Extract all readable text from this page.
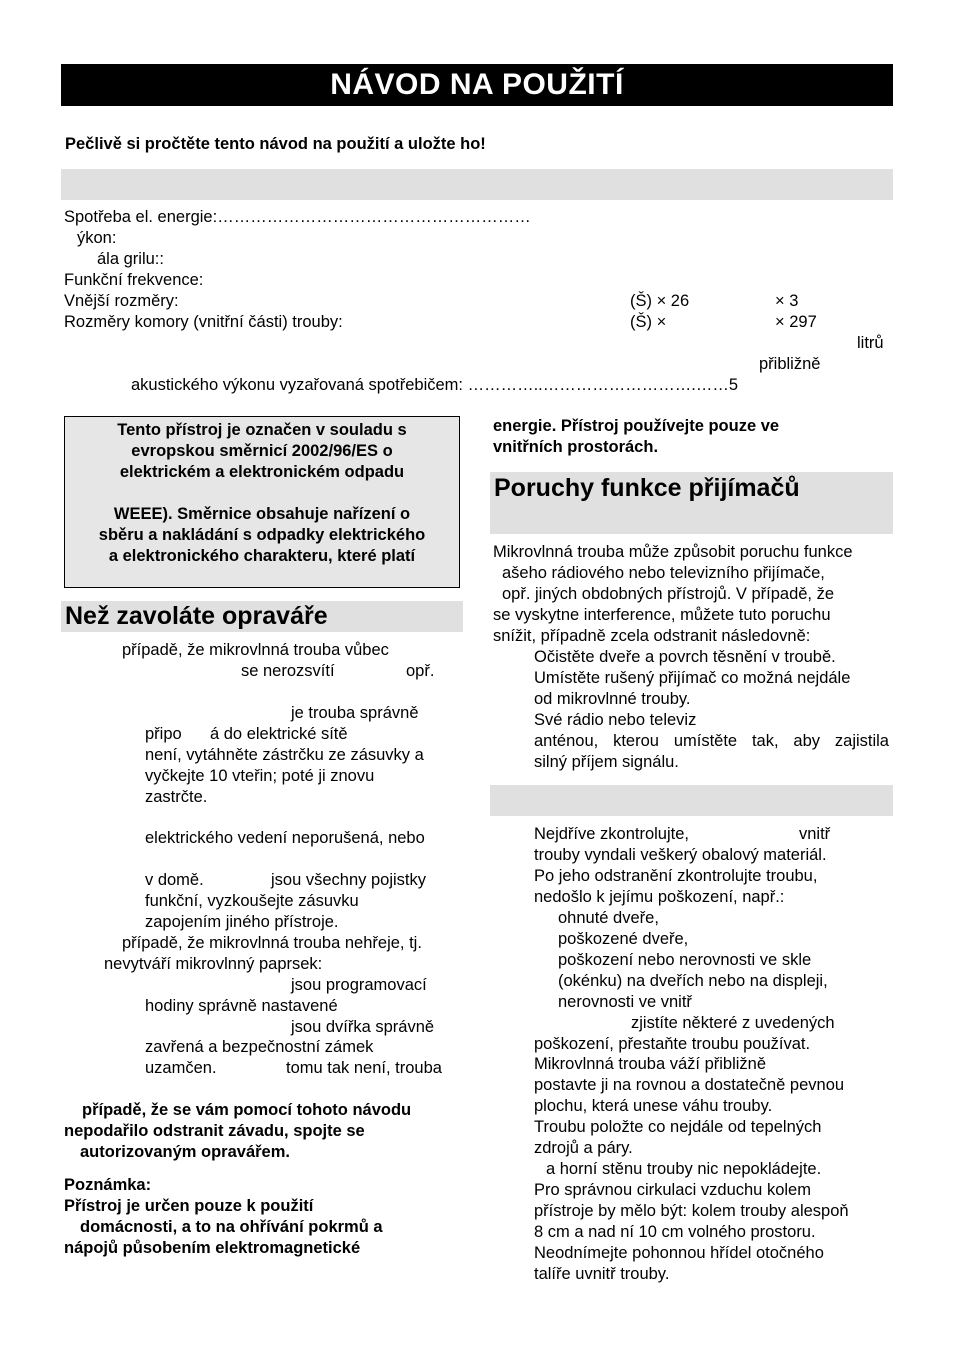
NÁVOD NA POUŽITÍ
Pečlivě si pročtěte tento návod na použití a uložte ho!
Spotřeba el. energie:…………………………………………………
ýkon:
ála grilu::
Funkční frekvence:
Vnější rozměry:	(Š) × 26	× 3
Rozměry komory (vnitřní části) trouby:	(Š) ×	× 297
litrů
přibližně
akustického výkonu vyzařovaná spotřebičem: …………..……………………….……5

Tento přístroj je označen v souladu s

evropskou směrnicí 2002/96/ES o

elektrickém a elektronickém odpadu

WEEE). Směrnice obsahuje nařízení o

sběru a nakládání s odpadky elektrického

a elektronického charakteru, které platí

Než zavoláte opraváře
případě, že mikrovlnná trouba vůbec
se nerozsvítí	opř.
je trouba správně
připo á do elektrické sítě
není, vytáhněte zástrčku ze zásuvky a
vyčkejte 10 vteřin; poté ji znovu
zastrčte.
elektrického vedení neporušená, nebo
v domě.	jsou všechny pojistky
funkční, vyzkoušejte zásuvku
zapojením jiného přístroje.
případě, že mikrovlnná trouba nehřeje, tj.
nevytváří mikrovlnný paprsek:
jsou programovací
hodiny správně nastavené
jsou dvířka správně
zavřená a bezpečnostní zámek
uzamčen.	tomu tak není, trouba
případě, že se vám pomocí tohoto návodu
nepodařilo odstranit závadu, spojte se
autorizovaným opravářem.
Poznámka:
Přístroj je určen pouze k použití
domácnosti, a to na ohřívání pokrmů a
nápojů působením elektromagnetické
energie. Přístroj používejte pouze ve
vnitřních prostorách.
Poruchy funkce přijímačů
Mikrovlnná trouba může způsobit poruchu funkce
ašeho rádiového nebo televizního přijímače,
opř. jiných obdobných přístrojů. V případě, že
se vyskytne interference, můžete tuto poruchu
snížit, případně zcela odstranit následovně:
Očistěte dveře a povrch těsnění v troubě.
Umístěte rušený přijímač co možná nejdále
od mikrovlnné trouby.
Své rádio nebo televiz
anténou, kterou umístěte tak, aby zajistila
silný příjem signálu.
Nejdříve zkontrolujte,	vnitř
trouby vyndali veškerý obalový materiál.
Po jeho odstranění zkontrolujte troubu,
nedošlo k jejímu poškození, např.:
ohnuté dveře,
poškozené dveře,
poškození nebo nerovnosti ve skle
(okénku) na dveřích nebo na displeji,
nerovnosti ve vnitř
zjistíte některé z uvedených
poškození, přestaňte troubu používat.
Mikrovlnná trouba váží přibližně
postavte ji na rovnou a dostatečně pevnou
plochu, která unese váhu trouby.
Troubu položte co nejdále od tepelných
zdrojů a páry.
a horní stěnu trouby nic nepokládejte.
Pro správnou cirkulaci vzduchu kolem
přístroje by mělo být: kolem trouby alespoň
8 cm a nad ní 10 cm volného prostoru.
Neodnímejte pohonnou hřídel otočného
talíře uvnitř trouby.
